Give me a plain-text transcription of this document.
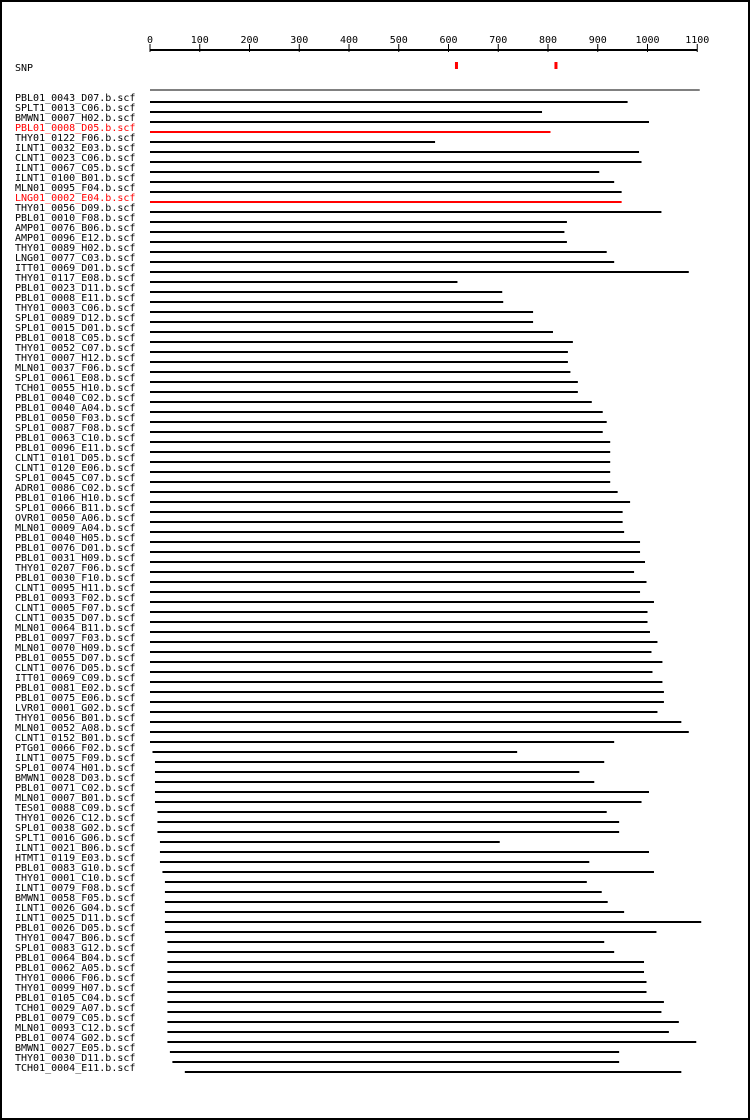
SNP
0	100	200	300	400	500	600	700	800	900	1000	1100
PBL01_0043_D07.b.scf
SPLT1_0013_C06.b.scf
BMWN1_0007_H02.b.scf
PBL01_0008_D05.b.scf
THY01_0122_F06.b.scf
ILNT1_0032_E03.b.scf
CLNT1_0023_C06.b.scf
ILNT1_0067_C05.b.scf
ILNT1_0100_B01.b.scf
MLN01_0095_F04.b.scf
LNG01_0002_E04.b.scf
THY01_0056_D09.b.scf
PBL01_0010_F08.b.scf
AMP01_0076_B06.b.scf
AMP01_0096_E12.b.scf
THY01_0089_H02.b.scf
LNG01_0077_C03.b.scf
ITT01_0069_D01.b.scf
THY01_0117_E08.b.scf
PBL01_0023_D11.b.scf
PBL01_0008_E11.b.scf
THY01_0003_C06.b.scf
SPL01_0089_D12.b.scf
SPL01_0015_D01.b.scf
PBL01_0018_C05.b.scf
THY01_0052_C07.b.scf
THY01_0007_H12.b.scf
MLN01_0037_F06.b.scf
SPL01_0061_E08.b.scf
TCH01_0055_H10.b.scf
PBL01_0040_C02.b.scf
PBL01_0040_A04.b.scf
PBL01_0050_F03.b.scf
SPL01_0087_F08.b.scf
PBL01_0063_C10.b.scf
PBL01_0096_E11.b.scf
CLNT1_0101_D05.b.scf
CLNT1_0120_E06.b.scf
SPL01_0045_C07.b.scf
ADR01_0086_C02.b.scf
PBL01_0106_H10.b.scf
SPL01_0066_B11.b.scf
OVR01_0050_A06.b.scf
MLN01_0009_A04.b.scf
PBL01_0040_H05.b.scf
PBL01_0076_D01.b.scf
PBL01_0031_H09.b.scf
THY01_0207_F06.b.scf
PBL01_0030_F10.b.scf
CLNT1_0095_H11.b.scf
PBL01_0093_F02.b.scf
CLNT1_0005_F07.b.scf
CLNT1_0035_D07.b.scf
MLN01_0064_B11.b.scf
PBL01_0097_F03.b.scf
MLN01_0070_H09.b.scf
PBL01_0055_D07.b.scf
CLNT1_0076_D05.b.scf
ITT01_0069_C09.b.scf
PBL01_0081_E02.b.scf
PBL01_0075_E06.b.scf
LVR01_0001_G02.b.scf
THY01_0056_B01.b.scf
MLN01_0052_A08.b.scf
CLNT1_0152_B01.b.scf
PTG01_0066_F02.b.scf
ILNT1_0075_F09.b.scf
SPL01_0074_H01.b.scf
BMWN1_0028_D03.b.scf
PBL01_0071_C02.b.scf
MLN01_0007_B01.b.scf
TES01_0088_C09.b.scf
THY01_0026_C12.b.scf
SPL01_0038_G02.b.scf
SPLT1_0016_G06.b.scf
ILNT1_0021_B06.b.scf
HTMT1_0119_E03.b.scf
PBL01_0083_G10.b.scf
THY01_0001_C10.b.scf
ILNT1_0079_F08.b.scf
BMWN1_0058_F05.b.scf
ILNT1_0026_G04.b.scf
ILNT1_0025_D11.b.scf
PBL01_0026_D05.b.scf
THY01_0047_B06.b.scf
SPL01_0083_G12.b.scf
PBL01_0064_B04.b.scf
PBL01_0062_A05.b.scf
THY01_0006_F06.b.scf
THY01_0099_H07.b.scf
PBL01_0105_C04.b.scf
TCH01_0029_A07.b.scf
PBL01_0079_C05.b.scf
MLN01_0093_C12.b.scf
PBL01_0074_G02.b.scf
BMWN1_0027_E05.b.scf
THY01_0030_D11.b.scf
TCH01_0004_E11.b.scf
